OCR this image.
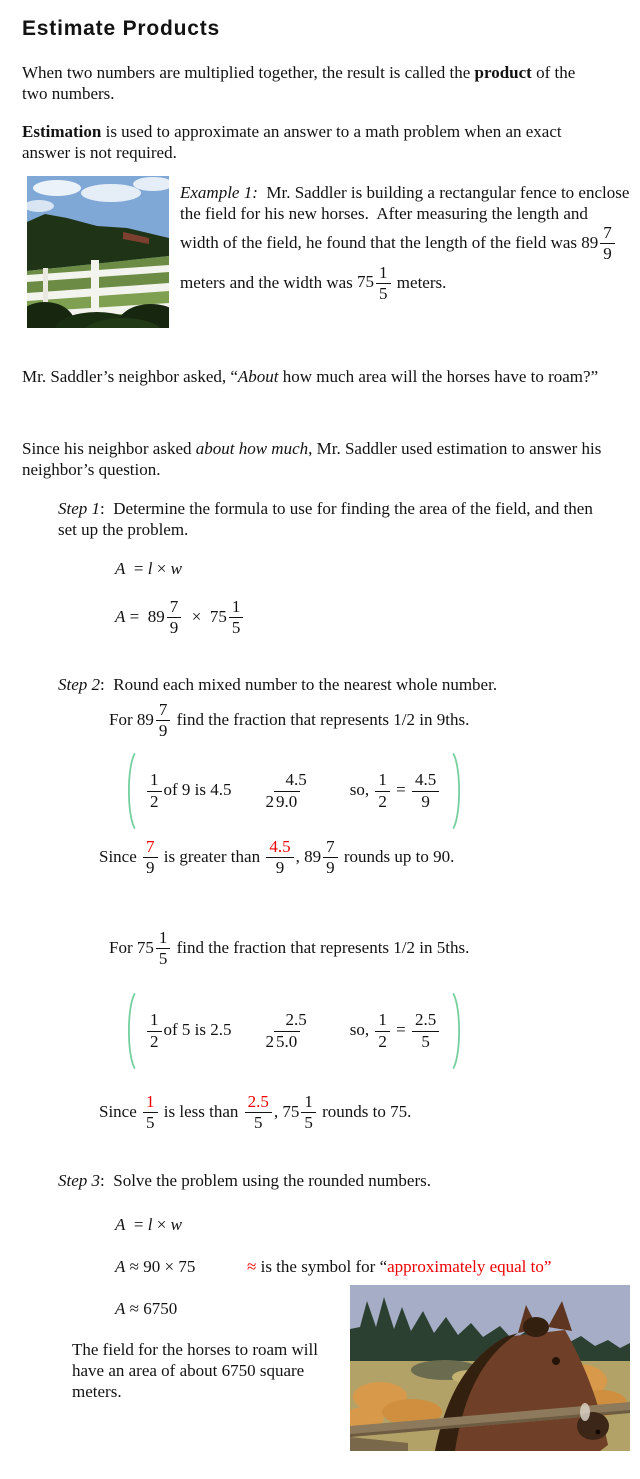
Estimate Products
When two numbers are multiplied together, the result is called the product of the two numbers.
Estimation is used to approximate an answer to a math problem when an exact answer is not required.
Example 1:  Mr. Saddler is building a rectangular fence to enclose the field for his new horses.  After measuring the length and width of the field, he found that the length of the field was $89 \frac{7}{9}$ meters and the width was $75 \frac{1}{5}$ meters.
Mr. Saddler’s neighbor asked, “About how much area will the horses have to roam?”
Since his neighbor asked about how much, Mr. Saddler used estimation to answer his neighbor’s question.
Step 1:  Determine the formula to use for finding the area of the field, and then set up the problem.
A  = l × w
$A = 89 \frac{7}{9} \times 75 \frac{1}{5}$
Step 2:  Round each mixed number to the nearest whole number.
For $89 \frac{7}{9}$ find the fraction that represents 1/2 in 9ths.
$\frac{1}{2}$ of 9 is 4.5
4.5
2 9.0
so, $\frac{1}{2} = \frac{4.5}{9}$
Since $\frac{7}{9}$ is greater than $\frac{4.5}{9}$ , $89 \frac{7}{9}$ rounds up to 90.
For $75 \frac{1}{5}$ find the fraction that represents 1/2 in 5ths.
$\frac{1}{2}$ of 5 is 2.5
2.5
2 5.0
so, $\frac{1}{2} = \frac{2.5}{5}$
Since $\frac{1}{5}$ is less than $\frac{2.5}{5}$ , $75 \frac{1}{5}$ rounds to 75.
Step 3:  Solve the problem using the rounded numbers.
A  = l × w
A ≈ 90 × 75	≈ is the symbol for “approximately equal to”
A ≈ 6750
The field for the horses to roam will have an area of about 6750 square meters.
